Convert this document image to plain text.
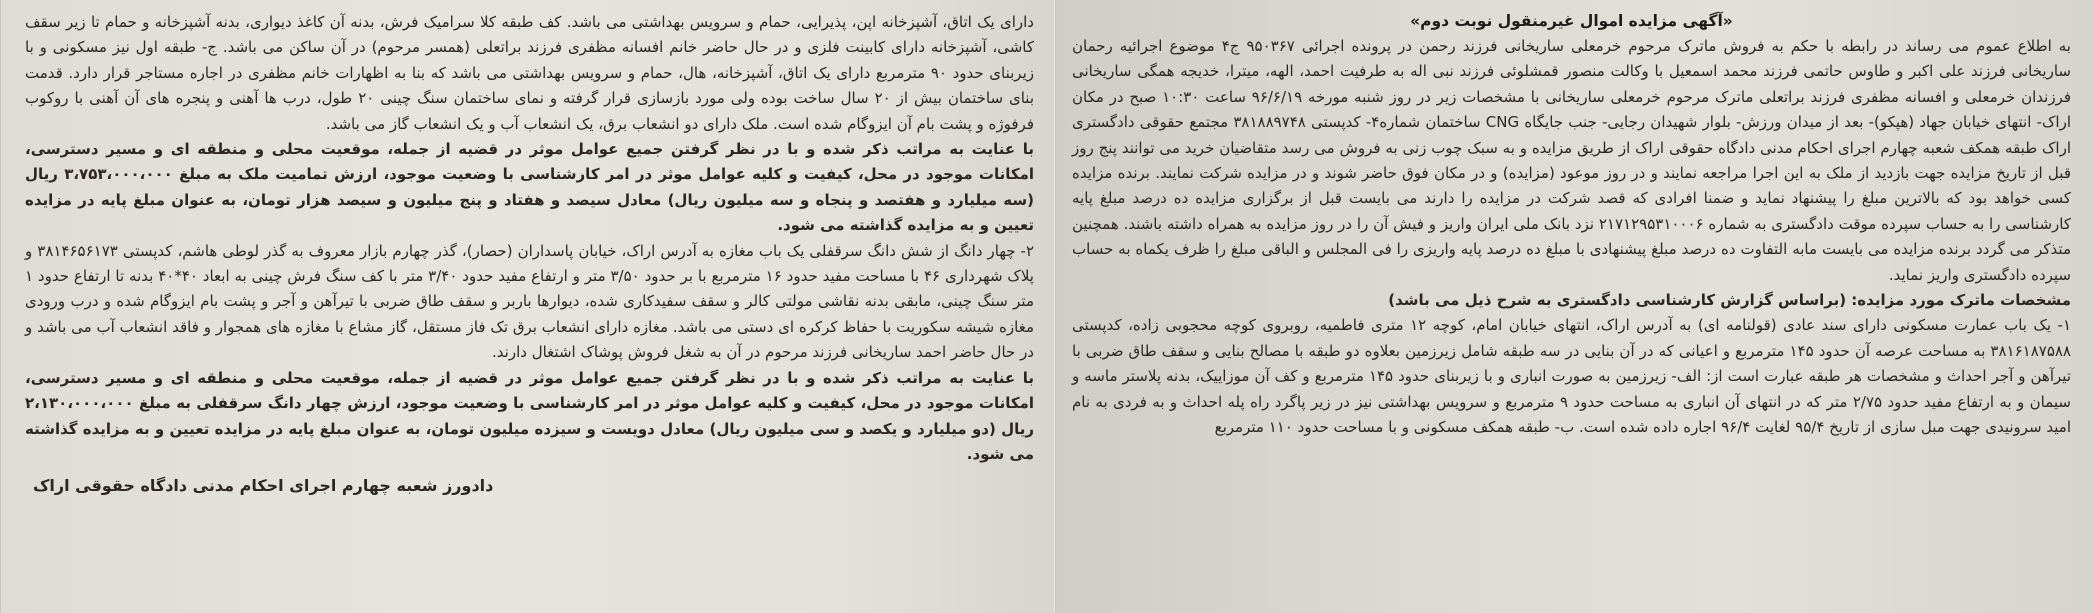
«آگهی مزایده اموال غیرمنقول نوبت دوم»

به اطلاع عموم می رساند در رابطه با حکم به فروش ماترک مرحوم خرمعلی ساریخانی فرزند رحمن در پرونده اجرائی ۹۵۰۳۶۷ ج۴ موضوع اجرائیه رحمان ساریخانی فرزند علی اکبر و طاوس حاتمی فرزند محمد اسمعیل با وکالت منصور قمشلوئی فرزند نبی اله به طرفیت احمد، الهه، میترا، خدیجه همگی ساریخانی فرزندان خرمعلی و افسانه مظفری فرزند براتعلی ماترک مرحوم خرمعلی ساریخانی با مشخصات زیر در روز شنبه مورخه ۹۶/۶/۱۹ ساعت ۱۰:۳۰ صبح در مکان اراک- انتهای خیابان جهاد (هپکو)- بعد از میدان ورزش- بلوار شهیدان رجایی- جنب جایگاه CNG ساختمان شماره۴- کدپستی ۳۸۱۸۸۹۷۴۸ مجتمع حقوقی دادگستری اراک طبقه همکف شعبه چهارم اجرای احکام مدنی دادگاه حقوقی اراک از طریق مزایده و به سبک چوب زنی به فروش می رسد متقاضیان خرید می توانند پنج روز قبل از تاریخ مزایده جهت بازدید از ملک به این اجرا مراجعه نمایند و در روز موعود (مزایده) و در مکان فوق حاضر شوند و در مزایده شرکت نمایند. برنده مزایده کسی خواهد بود که بالاترین مبلغ را پیشنهاد نماید و ضمنا افرادی که قصد شرکت در مزایده را دارند می بایست قبل از برگزاری مزایده ده درصد مبلغ پایه کارشناسی را به حساب سپرده موقت دادگستری به شماره ۲۱۷۱۲۹۵۳۱۰۰۰۶ نزد بانک ملی ایران واریز و فیش آن را در روز مزایده به همراه داشته باشند. همچنین متذکر می گردد برنده مزایده می بایست مابه التفاوت ده درصد مبلغ پیشنهادی با مبلغ ده درصد پایه واریزی را فی المجلس و الباقی مبلغ را ظرف یکماه به حساب سپرده دادگستری واریز نماید.

مشخصات ماترک مورد مزایده: (براساس گزارش کارشناسی دادگستری به شرح ذیل می باشد)

۱- یک باب عمارت مسکونی دارای سند عادی (قولنامه ای) به آدرس اراک، انتهای خیابان امام، کوچه ۱۲ متری فاطمیه، روبروی کوچه محجوبی زاده، کدپستی ۳۸۱۶۱۸۷۵۸۸ به مساحت عرصه آن حدود ۱۴۵ مترمربع و اعیانی که در آن بنایی در سه طبقه شامل زیرزمین بعلاوه دو طبقه با مصالح بنایی و سقف طاق ضربی با تیرآهن و آجر احداث و مشخصات هر طبقه عبارت است از: الف- زیرزمین به صورت انباری و با زیربنای حدود ۱۴۵ مترمربع و کف آن موزاییک، بدنه پلاستر ماسه و سیمان و به ارتفاع مفید حدود ۲/۷۵ متر که در انتهای آن انباری به مساحت حدود ۹ مترمربع و سرویس بهداشتی نیز در زیر پاگرد راه پله احداث و به فردی به نام امید سرونیدی جهت مبل سازی از تاریخ ۹۵/۴ لغایت ۹۶/۴ اجاره داده شده است. ب- طبقه همکف مسکونی و با مساحت حدود ۱۱۰ مترمربع

دارای یک اتاق، آشپزخانه اپن، پذیرایی، حمام و سرویس بهداشتی می باشد. کف طبقه کلا سرامیک فرش، بدنه آن کاغذ دیواری، بدنه آشپزخانه و حمام تا زیر سقف کاشی، آشپزخانه دارای کابینت فلزی و در حال حاضر خانم افسانه مظفری فرزند براتعلی (همسر مرحوم) در آن ساکن می باشد. ج- طبقه اول نیز مسکونی و با زیربنای حدود ۹۰ مترمربع دارای یک اتاق، آشپزخانه، هال، حمام و سرویس بهداشتی می باشد که بنا به اظهارات خانم مظفری در اجاره مستاجر قرار دارد. قدمت بنای ساختمان بیش از ۲۰ سال ساخت بوده ولی مورد بازسازی قرار گرفته و نمای ساختمان سنگ چینی ۲۰ طول، درب ها آهنی و پنجره های آن آهنی با روکوب فرفوژه و پشت بام آن ایزوگام شده است. ملک دارای دو انشعاب برق، یک انشعاب آب و یک انشعاب گاز می باشد.

با عنایت به مراتب ذکر شده و با در نظر گرفتن جمیع عوامل موثر در قضیه از جمله، موقعیت محلی و منطقه ای و مسیر دسترسی، امکانات موجود در محل، کیفیت و کلیه عوامل موثر در امر کارشناسی با وضعیت موجود، ارزش تمامیت ملک به مبلغ ۳،۷۵۳،۰۰۰،۰۰۰ ریال (سه میلیارد و هفتصد و پنجاه و سه میلیون ریال) معادل سیصد و هفتاد و پنج میلیون و سیصد هزار تومان، به عنوان مبلغ پایه در مزایده تعیین و به مزایده گذاشته می شود.

۲- چهار دانگ از شش دانگ سرقفلی یک باب مغازه به آدرس اراک، خیابان پاسداران (حصار)، گذر چهارم بازار معروف به گذر لوطی هاشم، کدپستی ۳۸۱۴۶۵۶۱۷۳ و پلاک شهرداری ۴۶ با مساحت مفید حدود ۱۶ مترمربع با بر حدود ۳/۵۰ متر و ارتفاع مفید حدود ۳/۴۰ متر با کف سنگ فرش چینی به ابعاد ۴۰*۴۰ بدنه تا ارتفاع حدود ۱ متر سنگ چینی، مابقی بدنه نقاشی مولتی کالر و سقف سفیدکاری شده، دیوارها باربر و سقف طاق ضربی با تیرآهن و آجر و پشت بام ایزوگام شده و درب ورودی مغازه شیشه سکوریت با حفاظ کرکره ای دستی می باشد. مغازه دارای انشعاب برق تک فاز مستقل، گاز مشاع با مغازه های همجوار و فاقد انشعاب آب می باشد و در حال حاضر احمد ساریخانی فرزند مرحوم در آن به شغل فروش پوشاک اشتغال دارند.

با عنایت به مراتب ذکر شده و با در نظر گرفتن جمیع عوامل موثر در قضیه از جمله، موقعیت محلی و منطقه ای و مسیر دسترسی، امکانات موجود در محل، کیفیت و کلیه عوامل موثر در امر کارشناسی با وضعیت موجود، ارزش چهار دانگ سرقفلی به مبلغ ۲،۱۳۰،۰۰۰،۰۰۰ ریال (دو میلیارد و یکصد و سی میلیون ریال) معادل دویست و سیزده میلیون تومان، به عنوان مبلغ پایه در مزایده تعیین و به مزایده گذاشته می شود.

دادورز شعبه چهارم اجرای احکام مدنی دادگاه حقوقی اراک
